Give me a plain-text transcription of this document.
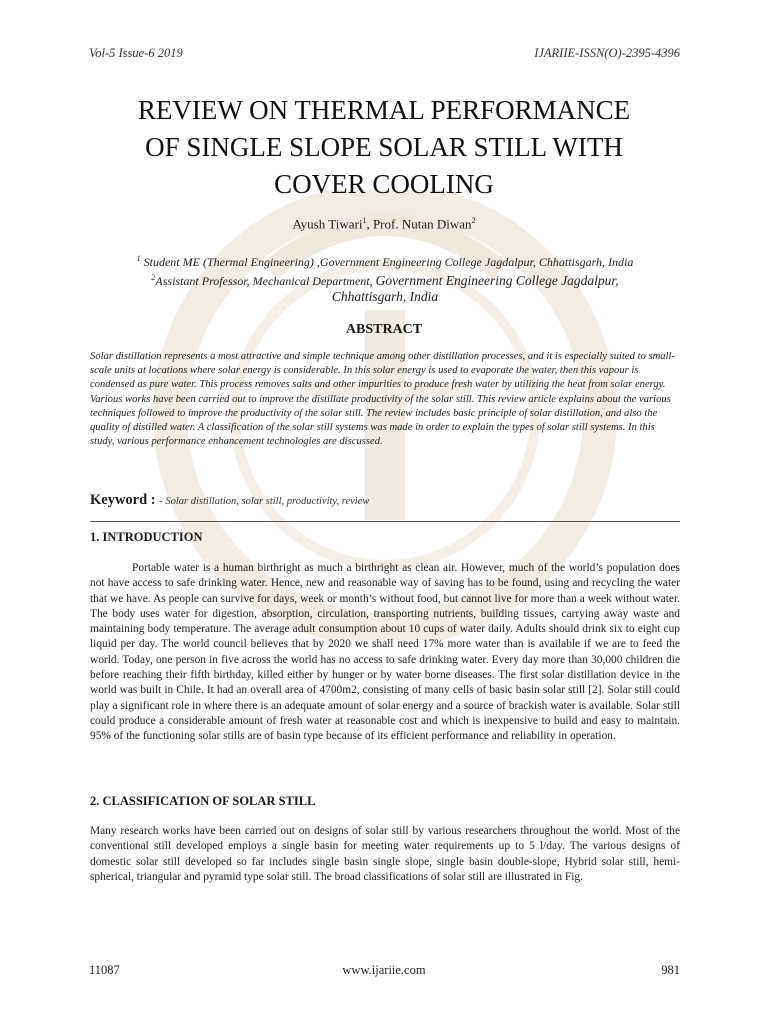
Vol-5 Issue-6 2019	IJARIIE-ISSN(O)-2395-4396
REVIEW ON THERMAL PERFORMANCE
OF SINGLE SLOPE SOLAR STILL WITH
COVER COOLING
Ayush Tiwari$^1$, Prof. Nutan Diwan$^2$
$^1$ Student ME (Thermal Engineering) ,Government Engineering College Jagdalpur, Chhattisgarh, India
$^2$Assistant Professor, Mechanical Department, Government Engineering College Jagdalpur,
Chhattisgarh, India
ABSTRACT
Solar distillation represents a most attractive and simple technique among other distillation processes, and it is especially suited to small-scale units at locations where solar energy is considerable. In this solar energy is used to evaporate the water, then this vapour is condensed as pure water. This process removes salts and other impurities to produce fresh water by utilizing the heat from solar energy. Various works have been carried out to improve the distillate productivity of the solar still. This review article explains about the various techniques followed to improve the productivity of the solar still. The review includes basic principle of solar distillation, and also the quality of distilled water. A classification of the solar still systems was made in order to explain the types of solar still systems. In this study, various performance enhancement technologies are discussed.
Keyword : - Solar distillation, solar still, productivity, review
1. INTRODUCTION
Portable water is a human birthright as much a birthright as clean air. However, much of the world’s population does not have access to safe drinking water. Hence, new and reasonable way of saving has to be found, using and recycling the water that we have. As people can survive for days, week or month’s without food, but cannot live for more than a week without water. The body uses water for digestion, absorption, circulation, transporting nutrients, building tissues, carrying away waste and maintaining body temperature. The average adult consumption about 10 cups of water daily. Adults should drink six to eight cup liquid per day. The world council believes that by 2020 we shall need 17% more water than is available if we are to feed the world. Today, one person in five across the world has no access to safe drinking water. Every day more than 30,000 children die before reaching their fifth birthday, killed either by hunger or by water borne diseases. The first solar distillation device in the world was built in Chile. It had an overall area of 4700m2, consisting of many cells of basic basin solar still [2]. Solar still could play a significant role in where there is an adequate amount of solar energy and a source of brackish water is available. Solar still could produce a considerable amount of fresh water at reasonable cost and which is inexpensive to build and easy to maintain. 95% of the functioning solar stills are of basin type because of its efficient performance and reliability in operation.
2. CLASSIFICATION OF SOLAR STILL
Many research works have been carried out on designs of solar still by various researchers throughout the world. Most of the conventional still developed employs a single basin for meeting water requirements up to 5 l/day. The various designs of domestic solar still developed so far includes single basin single slope, single basin double-slope, Hybrid solar still, hemi-spherical, triangular and pyramid type solar still. The broad classifications of solar still are illustrated in Fig.
11087	www.ijariie.com	981
